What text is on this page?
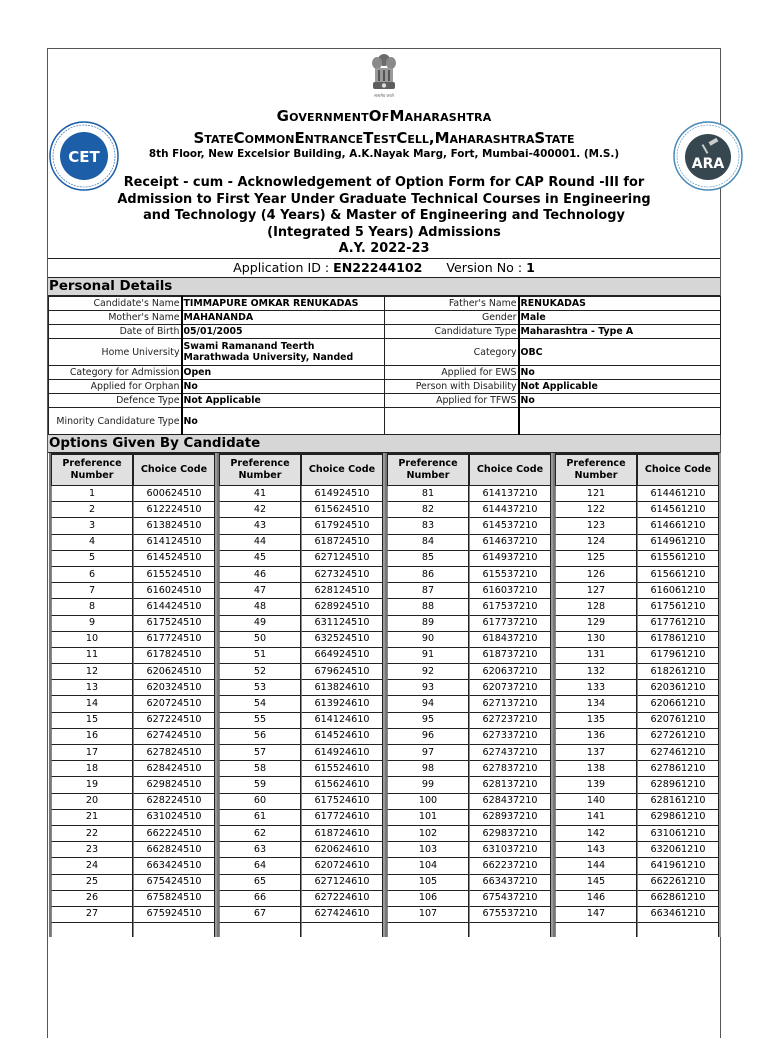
सत्यमेव जयते
GovernmentOfMaharashtra
StateCommonEntranceTestCell,MaharashtraState
8th Floor, New Excelsior Building, A.K.Nayak Marg, Fort, Mumbai-400001. (M.S.)
CET	ARA
Receipt - cum - Acknowledgement of Option Form for CAP Round -III for Admission to First Year Under Graduate Technical Courses in Engineering and Technology (4 Years) & Master of Engineering and Technology (Integrated 5 Years) Admissions
A.Y. 2022-23
Application ID : EN22244102 Version No : 1
Personal Details
Candidate's Name	TIMMAPURE OMKAR RENUKADAS	Father's Name	RENUKADAS
Mother's Name	MAHANANDA	Gender	Male
Date of Birth	05/01/2005	Candidature Type	Maharashtra - Type A
Home University	Swami Ramanand Teerth Marathwada University, Nanded	Category	OBC
Category for Admission	Open	Applied for EWS	No
Applied for Orphan	No	Person with Disability	Not Applicable
Defence Type	Not Applicable	Applied for TFWS	No
Minority Candidature Type	No		
Options Given By Candidate
Preference Number	Choice Code
1	600624510
2	612224510
3	613824510
4	614124510
5	614524510
6	615524510
7	616024510
8	614424510
9	617524510
10	617724510
11	617824510
12	620624510
13	620324510
14	620724510
15	627224510
16	627424510
17	627824510
18	628424510
19	629824510
20	628224510
21	631024510
22	662224510
23	662824510
24	663424510
25	675424510
26	675824510
27	675924510

Preference Number	Choice Code
41	614924510
42	615624510
43	617924510
44	618724510
45	627124510
46	627324510
47	628124510
48	628924510
49	631124510
50	632524510
51	664924510
52	679624510
53	613824610
54	613924610
55	614124610
56	614524610
57	614924610
58	615524610
59	615624610
60	617524610
61	617724610
62	618724610
63	620624610
64	620724610
65	627124610
66	627224610
67	627424610

Preference Number	Choice Code
81	614137210
82	614437210
83	614537210
84	614637210
85	614937210
86	615537210
87	616037210
88	617537210
89	617737210
90	618437210
91	618737210
92	620637210
93	620737210
94	627137210
95	627237210
96	627337210
97	627437210
98	627837210
99	628137210
100	628437210
101	628937210
102	629837210
103	631037210
104	662237210
105	663437210
106	675437210
107	675537210

Preference Number	Choice Code
121	614461210
122	614561210
123	614661210
124	614961210
125	615561210
126	615661210
127	616061210
128	617561210
129	617761210
130	617861210
131	617961210
132	618261210
133	620361210
134	620661210
135	620761210
136	627261210
137	627461210
138	627861210
139	628961210
140	628161210
141	629861210
142	631061210
143	632061210
144	641961210
145	662261210
146	662861210
147	663461210
